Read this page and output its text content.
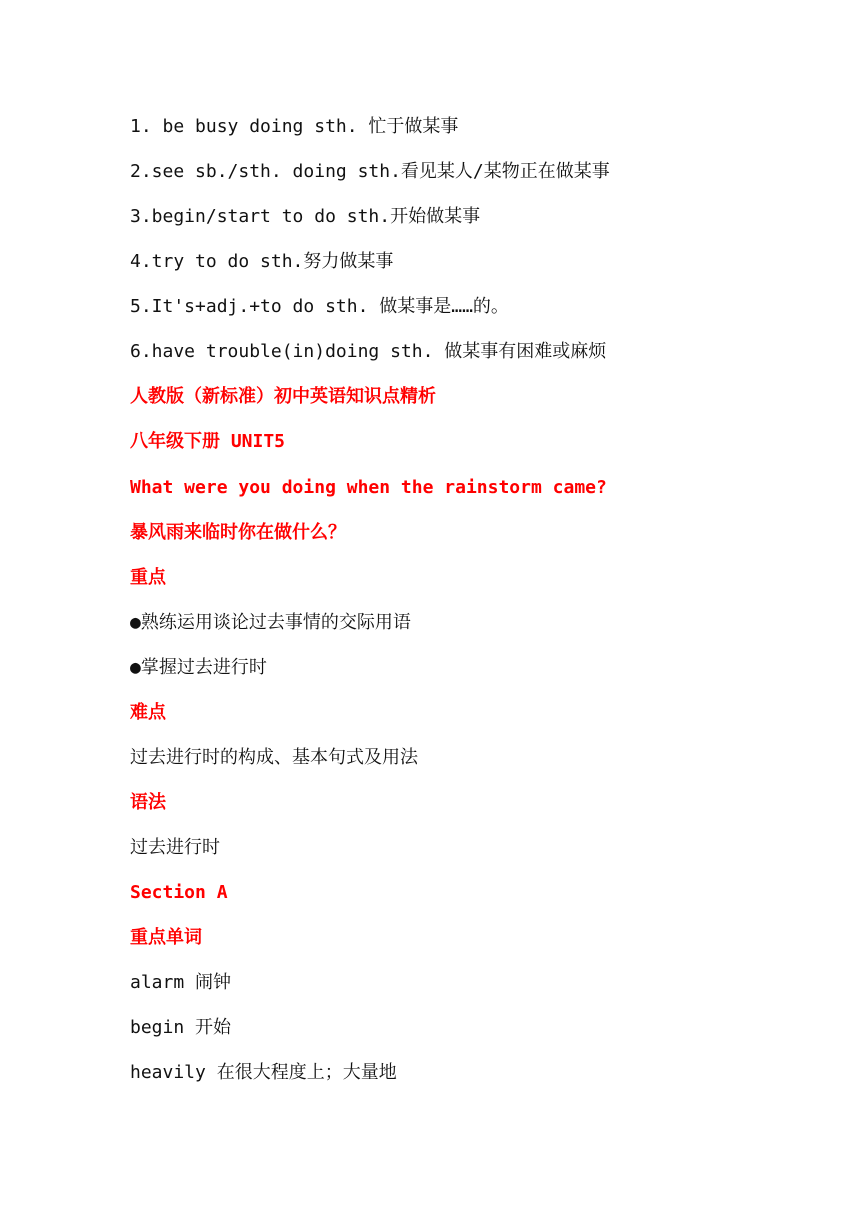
1. be busy doing sth. 忙于做某事
2.see sb./sth. doing sth.看见某人/某物正在做某事
3.begin/start to do sth.开始做某事
4.try to do sth.努力做某事
5.It's+adj.+to do sth. 做某事是……的。
6.have trouble(in)doing sth. 做某事有困难或麻烦
人教版（新标准）初中英语知识点精析
八年级下册 UNIT5
What were you doing when the rainstorm came?
暴风雨来临时你在做什么？
重点
●熟练运用谈论过去事情的交际用语
●掌握过去进行时
难点
过去进行时的构成、基本句式及用法
语法
过去进行时
Section A
重点单词
alarm 闹钟
begin 开始
heavily 在很大程度上；大量地
